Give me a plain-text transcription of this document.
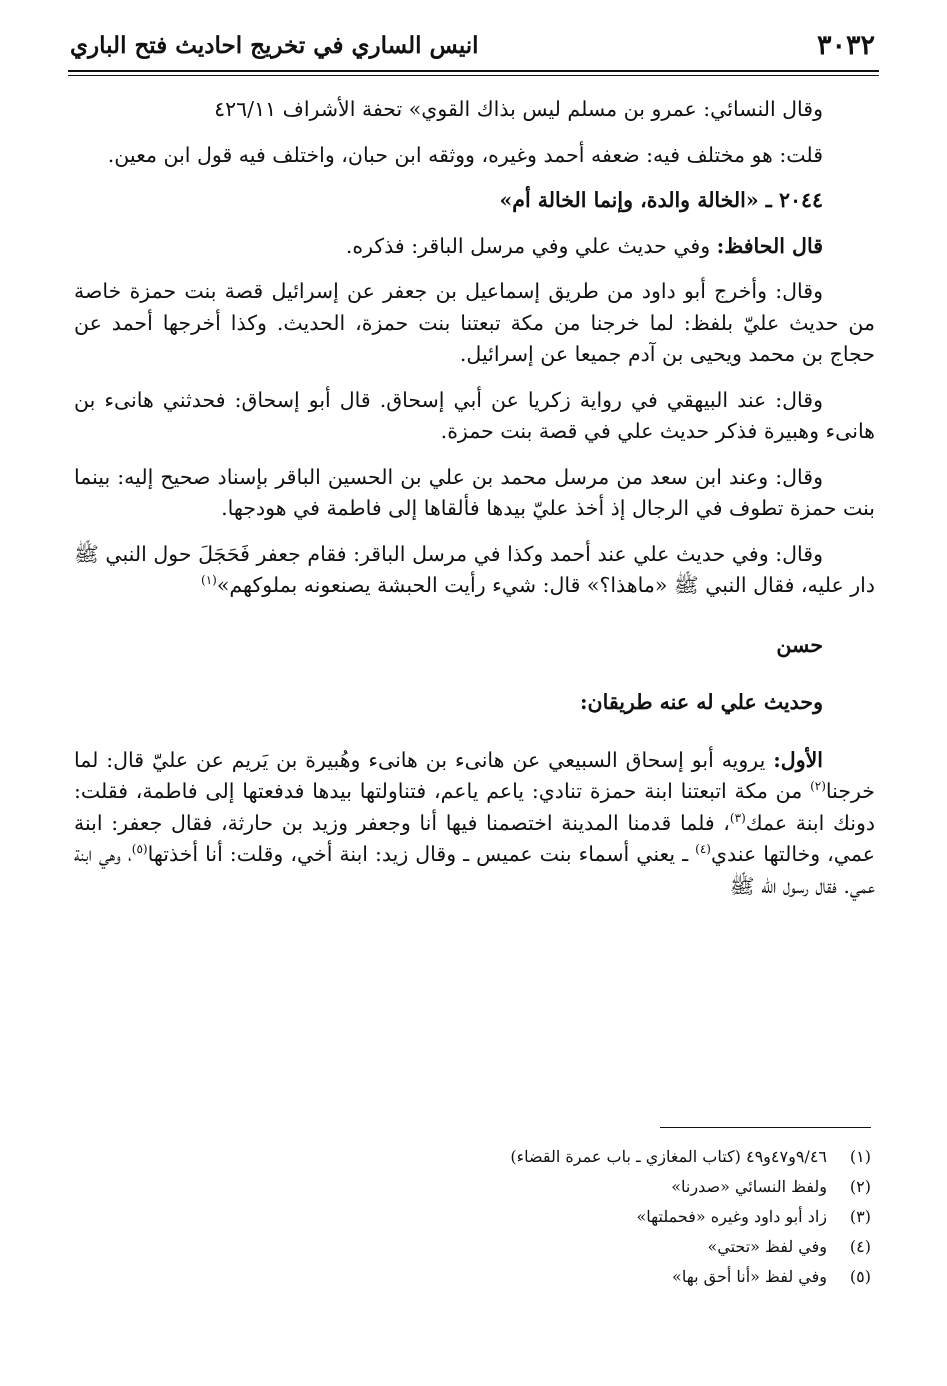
٣٠٣٢
انيس الساري في تخريج احاديث فتح الباري

وقال النسائي: عمرو بن مسلم ليس بذاك القوي» تحفة الأشراف ٤٢٦/١١

قلت: هو مختلف فيه: ضعفه أحمد وغيره، ووثقه ابن حبان، واختلف فيه قول ابن معين.

٢٠٤٤ ـ «الخالة والدة، وإنما الخالة أم»

قال الحافظ: وفي حديث علي وفي مرسل الباقر: فذكره.

وقال: وأخرج أبو داود من طريق إسماعيل بن جعفر عن إسرائيل قصة بنت حمزة خاصة من حديث عليّ بلفظ: لما خرجنا من مكة تبعتنا بنت حمزة، الحديث. وكذا أخرجها أحمد عن حجاج بن محمد ويحيى بن آدم جميعا عن إسرائيل.

وقال: عند البيهقي في رواية زكريا عن أبي إسحاق. قال أبو إسحاق: فحدثني هانىء بن هانىء وهبيرة فذكر حديث علي في قصة بنت حمزة.

وقال: وعند ابن سعد من مرسل محمد بن علي بن الحسين الباقر بإسناد صحيح إليه: بينما بنت حمزة تطوف في الرجال إذ أخذ عليّ بيدها فألقاها إلى فاطمة في هودجها.

وقال: وفي حديث علي عند أحمد وكذا في مرسل الباقر: فقام جعفر فَحَجَلَ حول النبي ﷺ دار عليه، فقال النبي ﷺ «ماهذا؟» قال: شيء رأيت الحبشة يصنعونه بملوكهم»$^{(١)}$

حسن

وحديث علي له عنه طريقان:

الأول: يرويه أبو إسحاق السبيعي عن هانىء بن هانىء وهُبيرة بن يَريم عن عليّ قال: لما خرجنا$^{(٢)}$ من مكة اتبعتنا ابنة حمزة تنادي: ياعم ياعم، فتناولتها بيدها فدفعتها إلى فاطمة، فقلت: دونك ابنة عمك$^{(٣)}$، فلما قدمنا المدينة اختصمنا فيها أنا وجعفر وزيد بن حارثة، فقال جعفر: ابنة عمي، وخالتها عندي$^{(٤)}$ ـ يعني أسماء بنت عميس ـ وقال زيد: ابنة أخي، وقلت: أنا أخذتها$^{(٥)}$، وهي ابنة عمي. فقال رسول الله ﷺ

(١)
٩/٤٦و٤٧و٤٩ (كتاب المغازي ـ باب عمرة القضاء)
(٢)
ولفظ النسائي «صدرنا»
(٣)
زاد أبو داود وغيره «فحملتها»
(٤)
وفي لفظ «تحتي»
(٥)
وفي لفظ «أنا أحق بها»
